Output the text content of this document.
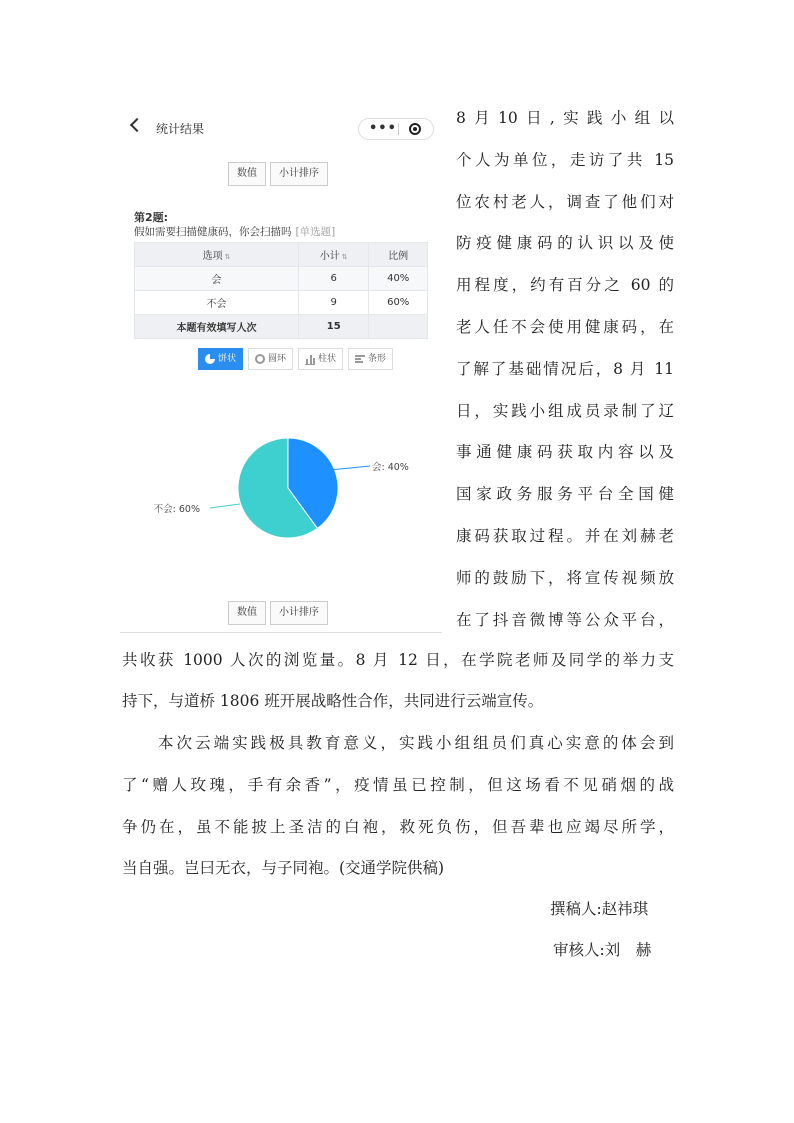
统计结果	•••
数值	小计排序
第2题:
假如需要扫描健康码，你会扫描吗 [单选题]
选项 ⇅	小计 ⇅	比例
会	6	40%
不会	9	60%
本题有效填写人次	15	
饼状	圆环	柱状	条形
会: 40%
不会: 60%
数值	小计排序
8月10日,实践小组以
个人为单位，走访了共 15
位农村老人，调查了他们对
防疫健康码的认识以及使
用程度，约有百分之 60 的
老人任不会使用健康码，在
了解了基础情况后，8 月 11
日，实践小组成员录制了辽
事通健康码获取内容以及
国家政务服务平台全国健
康码获取过程。并在刘赫老
师的鼓励下，将宣传视频放
在了抖音微博等公众平台，
共收获 1000 人次的浏览量。8 月 12 日，在学院老师及同学的举力支
持下，与道桥 1806 班开展战略性合作，共同进行云端宣传。
本次云端实践极具教育意义，实践小组组员们真心实意的体会到
了“赠人玫瑰，手有余香”，疫情虽已控制，但这场看不见硝烟的战
争仍在，虽不能披上圣洁的白袍，救死负伤，但吾辈也应竭尽所学，
当自强。岂曰无衣，与子同袍。(交通学院供稿)
撰稿人:赵祎琪
审核人:刘　赫
